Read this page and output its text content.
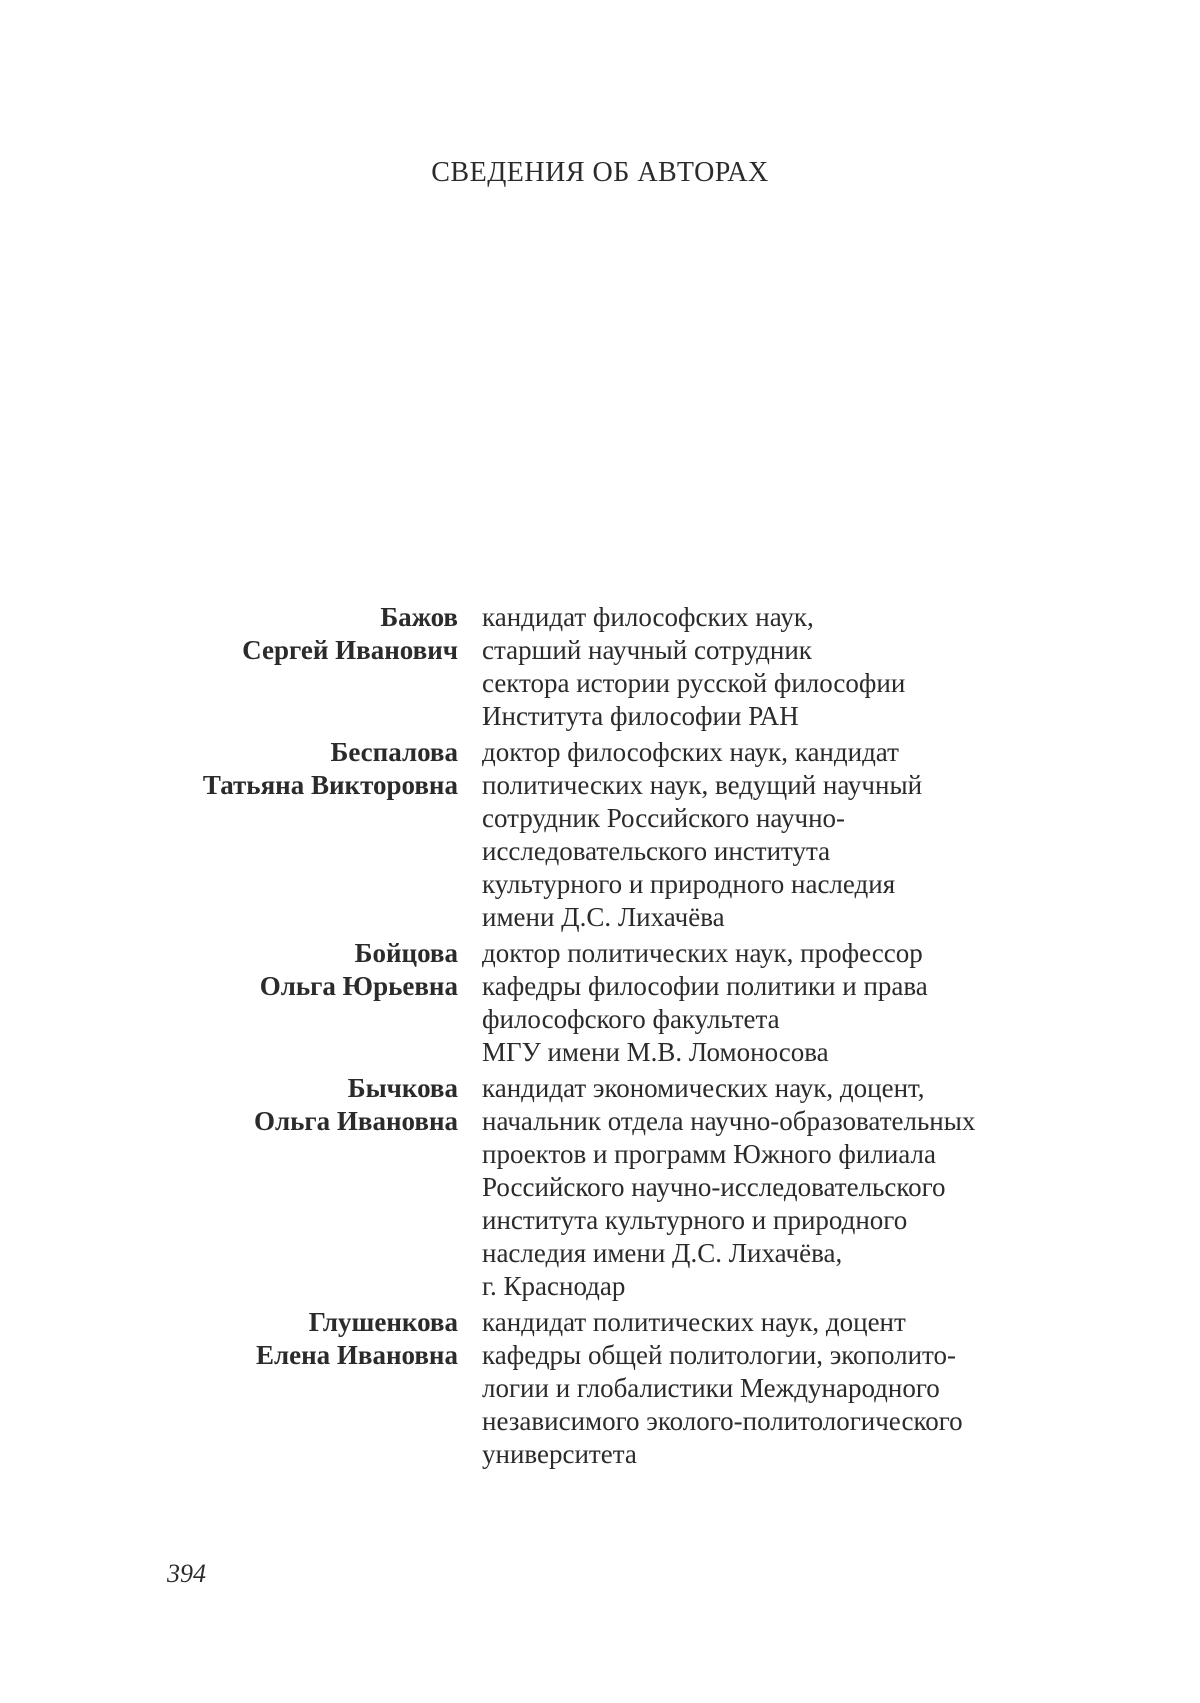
СВЕДЕНИЯ ОБ АВТОРАХ
Бажов
Сергей Иванович
кандидат философских наук,
старший научный сотрудник
сектора истории русской философии
Института философии РАН
Беспалова
Татьяна Викторовна
доктор философских наук, кандидат
политических наук, ведущий научный
сотрудник Российского научно-
исследовательского института
культурного и природного наследия
имени Д.С. Лихачёва
Бойцова
Ольга Юрьевна
доктор политических наук, профессор
кафедры философии политики и права
философского факультета
МГУ имени М.В. Ломоносова
Бычкова
Ольга Ивановна
кандидат экономических наук, доцент,
начальник отдела научно-образовательных
проектов и программ Южного филиала
Российского научно-исследовательского
института культурного и природного
наследия имени Д.С. Лихачёва,
г. Краснодар
Глушенкова
Елена Ивановна
кандидат политических наук, доцент
кафедры общей политологии, экополито-
логии и глобалистики Международного
независимого эколого-политологического
университета
394
